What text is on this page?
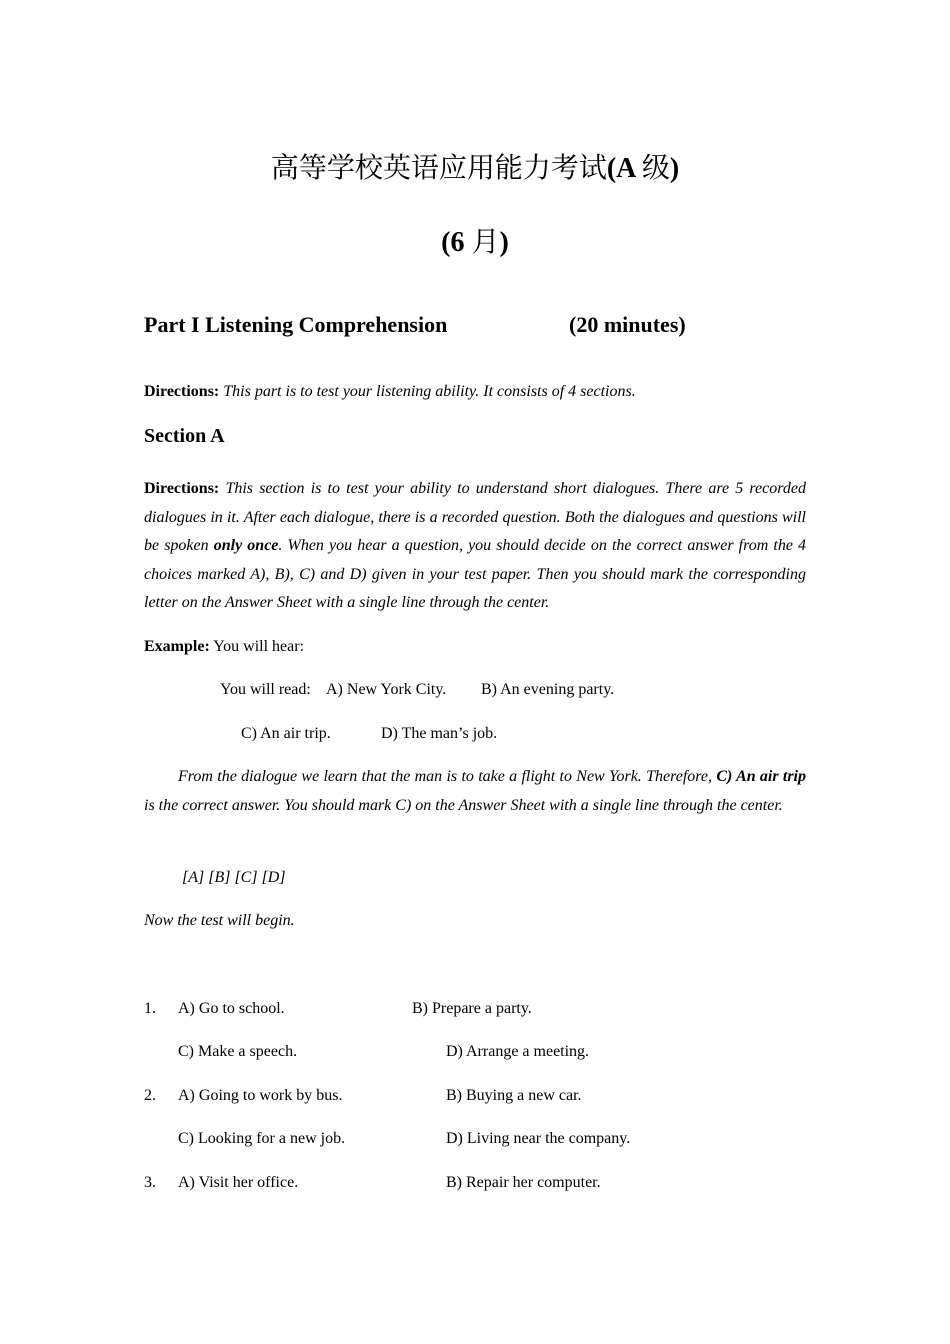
高等学校英语应用能力考试(A 级)
(6 月)
Part I Listening Comprehension	(20 minutes)
Directions: This part is to test your listening ability. It consists of 4 sections.
Section A
Directions: This section is to test your ability to understand short dialogues. There are 5 recorded dialogues in it. After each dialogue, there is a recorded question. Both the dialogues and questions will be spoken only once. When you hear a question, you should decide on the correct answer from the 4 choices marked A), B), C) and D) given in your test paper. Then you should mark the corresponding letter on the Answer Sheet with a single line through the center.
Example: You will hear:
You will read: A) New York City. B) An evening party.
C) An air trip.	D) The man’s job.
From the dialogue we learn that the man is to take a flight to New York. Therefore, C) An air trip is the correct answer. You should mark C) on the Answer Sheet with a single line through the center.
[A] [B] [C] [D]
Now the test will begin.
1. A) Go to school.	B) Prepare a party.
C) Make a speech.	D) Arrange a meeting.
2. A) Going to work by bus.	B) Buying a new car.
C) Looking for a new job.	D) Living near the company.
3. A) Visit her office.	B) Repair her computer.
